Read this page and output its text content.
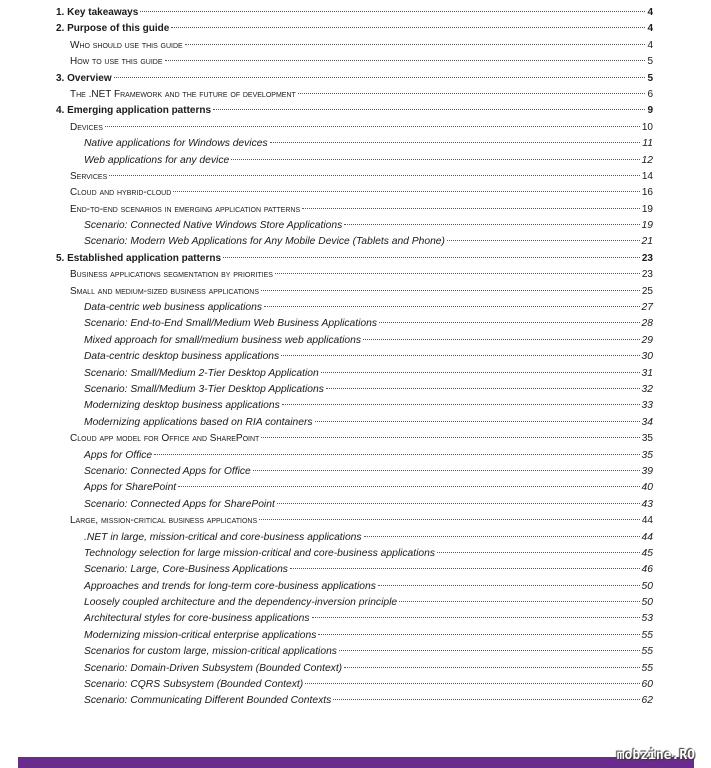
1. Key takeaways	4
2. Purpose of this guide	4
Who should use this guide	4
How to use this guide	5
3. Overview	5
The .NET Framework and the future of development	6
4. Emerging application patterns	9
Devices	10
Native applications for Windows devices	11
Web applications for any device	12
Services	14
Cloud and hybrid-cloud	16
End-to-end scenarios in emerging application patterns	19
Scenario: Connected Native Windows Store Applications	19
Scenario: Modern Web Applications for Any Mobile Device (Tablets and Phone)	21
5. Established application patterns	23
Business applications segmentation by priorities	23
Small and medium-sized business applications	25
Data-centric web business applications	27
Scenario: End-to-End Small/Medium Web Business Applications	28
Mixed approach for small/medium business web applications	29
Data-centric desktop business applications	30
Scenario: Small/Medium 2-Tier Desktop Application	31
Scenario: Small/Medium 3-Tier Desktop Applications	32
Modernizing desktop business applications	33
Modernizing applications based on RIA containers	34
Cloud app model for Office and SharePoint	35
Apps for Office	35
Scenario: Connected Apps for Office	39
Apps for SharePoint	40
Scenario: Connected Apps for SharePoint	43
Large, mission-critical business applications	44
.NET in large, mission-critical and core-business applications	44
Technology selection for large mission-critical and core-business applications	45
Scenario: Large, Core-Business Applications	46
Approaches and trends for long-term core-business applications	50
Loosely coupled architecture and the dependency-inversion principle	50
Architectural styles for core-business applications	53
Modernizing mission-critical enterprise applications	55
Scenarios for custom large, mission-critical applications	55
Scenario: Domain-Driven Subsystem (Bounded Context)	55
Scenario: CQRS Subsystem (Bounded Context)	60
Scenario: Communicating Different Bounded Contexts	62
mobzine.RO
